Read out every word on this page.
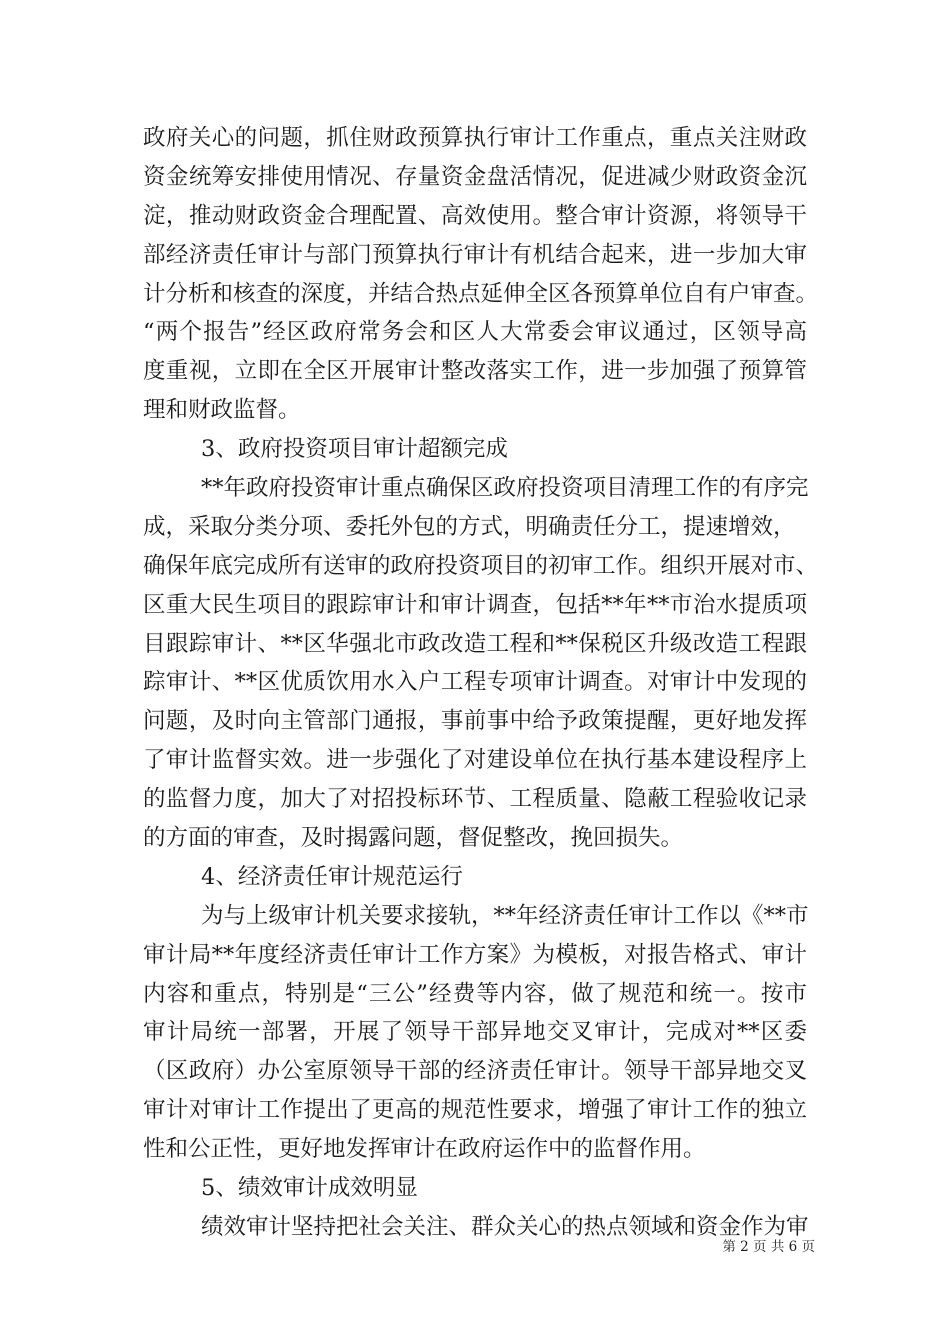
政府关心的问题，抓住财政预算执行审计工作重点，重点关注财政
资金统筹安排使用情况、存量资金盘活情况，促进减少财政资金沉
淀，推动财政资金合理配置、高效使用。整合审计资源，将领导干
部经济责任审计与部门预算执行审计有机结合起来，进一步加大审
计分析和核查的深度，并结合热点延伸全区各预算单位自有户审查。
“两个报告”经区政府常务会和区人大常委会审议通过，区领导高
度重视，立即在全区开展审计整改落实工作，进一步加强了预算管
理和财政监督。
3、政府投资项目审计超额完成
**年政府投资审计重点确保区政府投资项目清理工作的有序完
成，采取分类分项、委托外包的方式，明确责任分工，提速增效，
确保年底完成所有送审的政府投资项目的初审工作。组织开展对市、
区重大民生项目的跟踪审计和审计调查，包括**年**市治水提质项
目跟踪审计、**区华强北市政改造工程和**保税区升级改造工程跟
踪审计、**区优质饮用水入户工程专项审计调查。对审计中发现的
问题，及时向主管部门通报，事前事中给予政策提醒，更好地发挥
了审计监督实效。进一步强化了对建设单位在执行基本建设程序上
的监督力度，加大了对招投标环节、工程质量、隐蔽工程验收记录
的方面的审查，及时揭露问题，督促整改，挽回损失。
4、经济责任审计规范运行
为与上级审计机关要求接轨，**年经济责任审计工作以《**市
审计局**年度经济责任审计工作方案》为模板，对报告格式、审计
内容和重点，特别是“三公”经费等内容，做了规范和统一。按市
审计局统一部署，开展了领导干部异地交叉审计，完成对**区委
（区政府）办公室原领导干部的经济责任审计。领导干部异地交叉
审计对审计工作提出了更高的规范性要求，增强了审计工作的独立
性和公正性，更好地发挥审计在政府运作中的监督作用。
5、绩效审计成效明显
绩效审计坚持把社会关注、群众关心的热点领域和资金作为审
第 2 页 共 6 页
